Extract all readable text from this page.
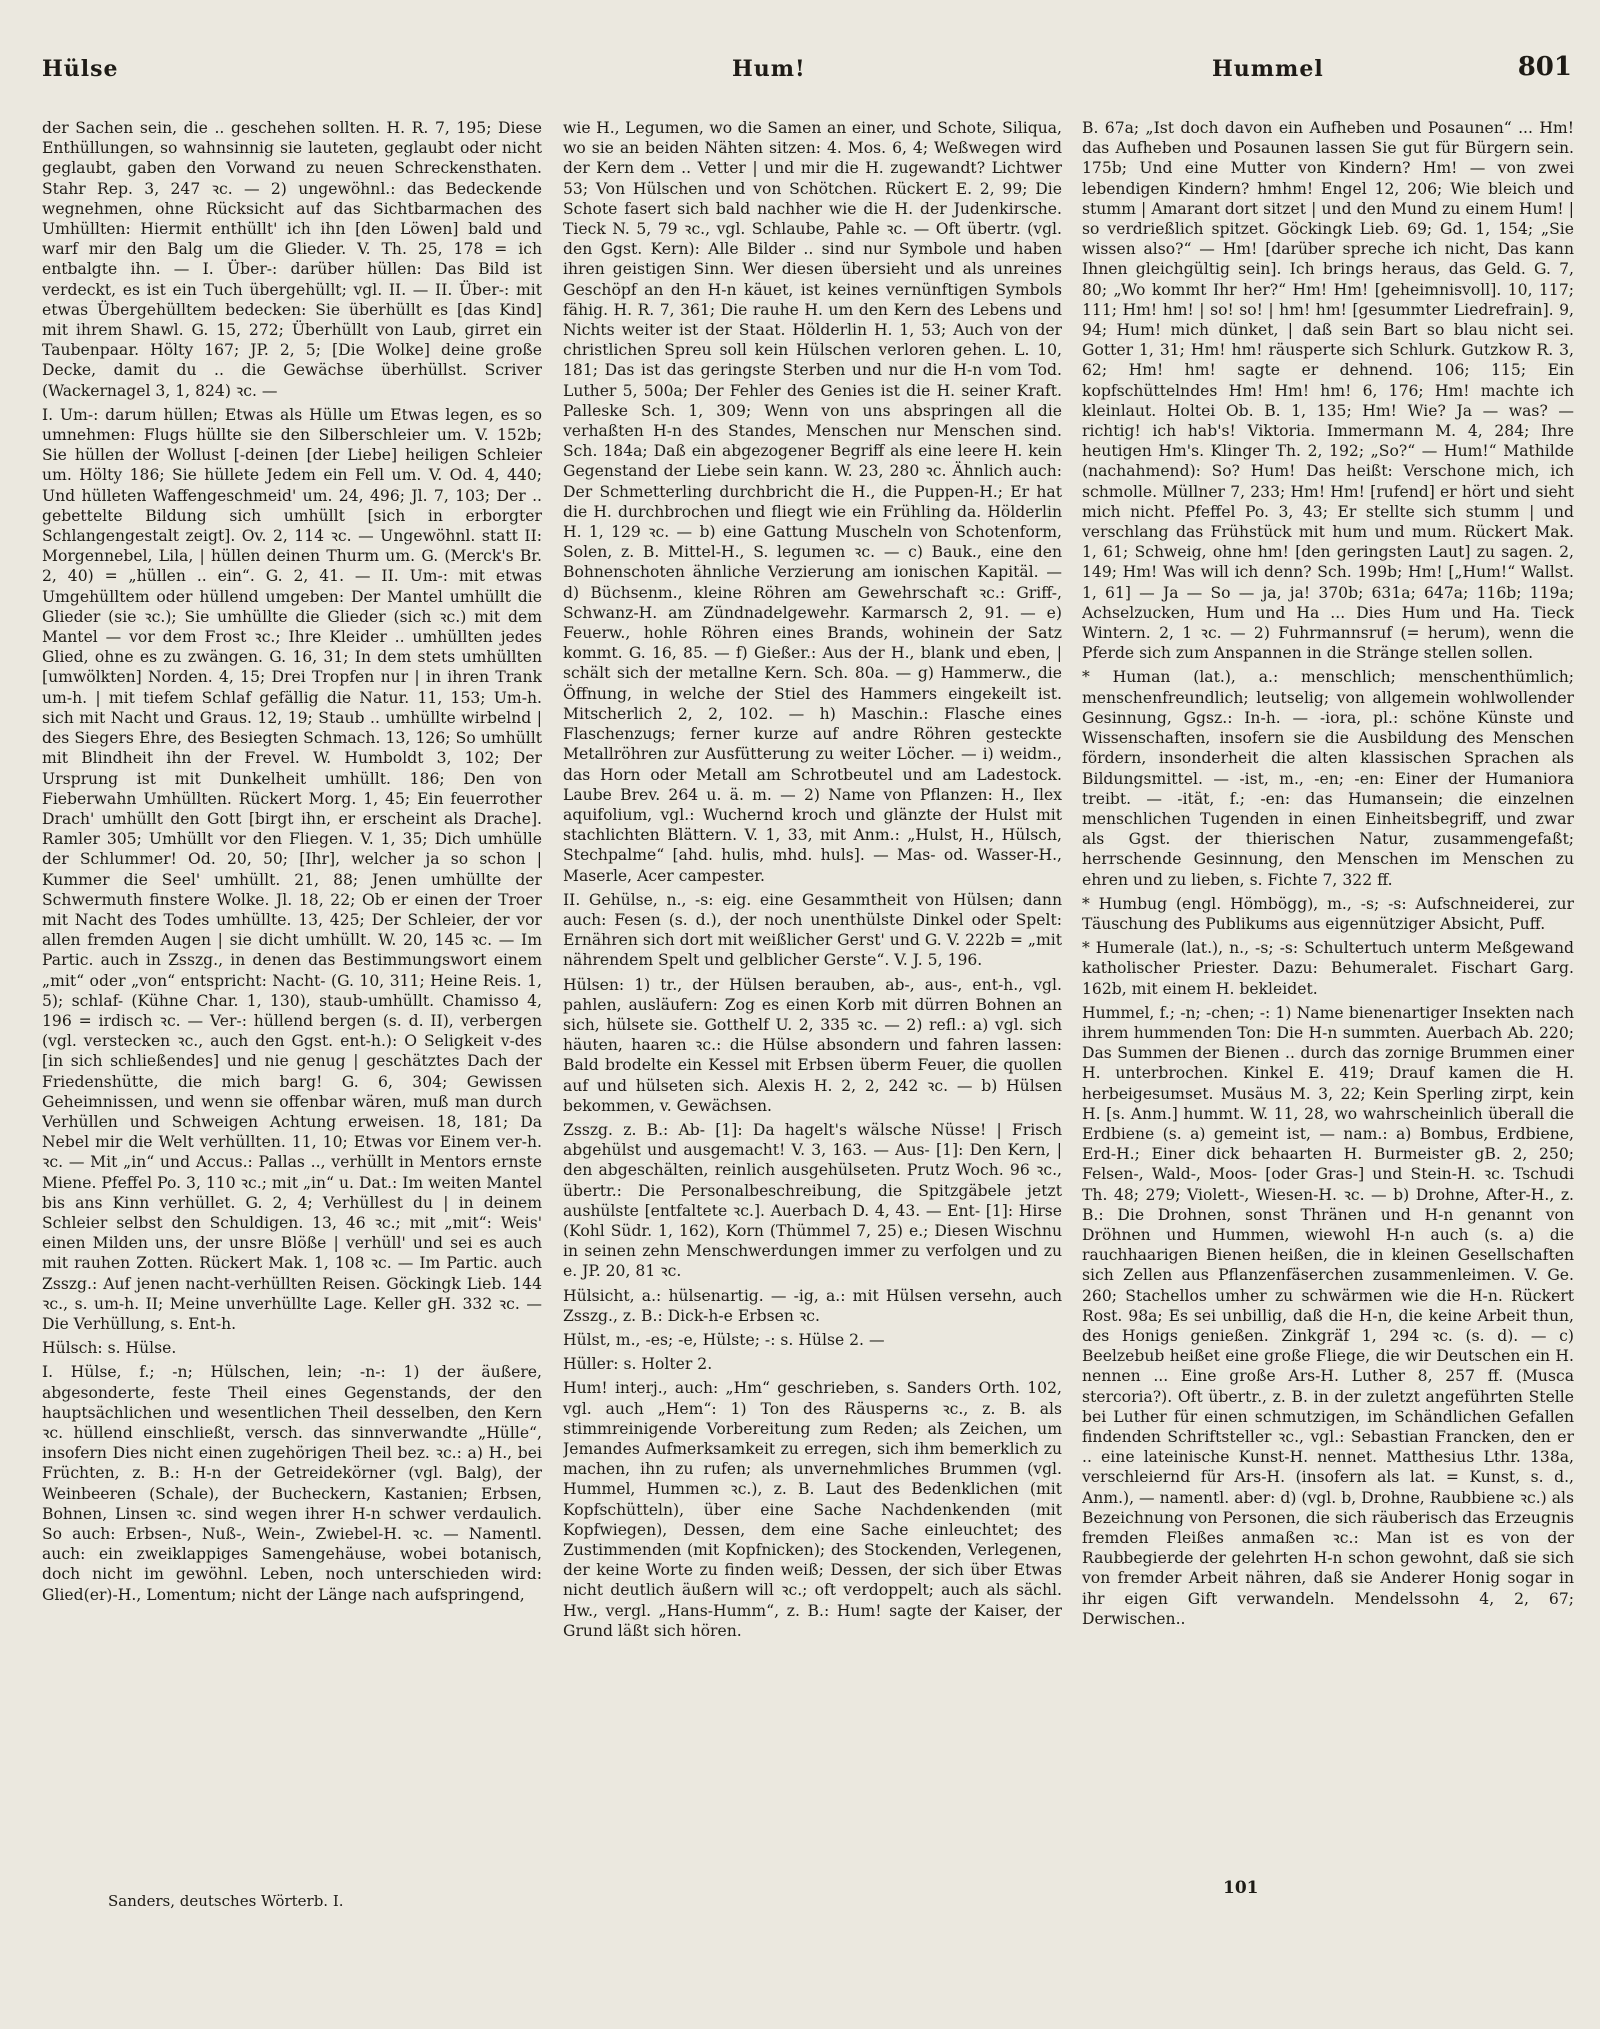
Hülse	Hum!	Hummel	801

der Sachen sein, die .. geschehen sollten. H. R. 7, 195; Diese Enthüllungen, so wahnsinnig sie lauteten, geglaubt oder nicht geglaubt, gaben den Vorwand zu neuen Schreckensthaten. Stahr Rep. 3, 247 ꝛc. — 2) ungewöhnl.: das Bedeckende wegnehmen, ohne Rücksicht auf das Sichtbarmachen des Umhüllten: Hiermit enthüllt' ich ihn [den Löwen] bald und warf mir den Balg um die Glieder. V. Th. 25, 178 = ich entbalgte ihn. — I. Über-: darüber hüllen: Das Bild ist verdeckt, es ist ein Tuch übergehüllt; vgl. II. — II. Über-: mit etwas Übergehülltem bedecken: Sie überhüllt es [das Kind] mit ihrem Shawl. G. 15, 272; Überhüllt von Laub, girret ein Taubenpaar. Hölty 167; JP. 2, 5; [Die Wolke] deine große Decke, damit du .. die Gewächse überhüllst. Scriver (Wackernagel 3, 1, 824) ꝛc. —

I. Um-: darum hüllen; Etwas als Hülle um Etwas legen, es so umnehmen: Flugs hüllte sie den Silberschleier um. V. 152b; Sie hüllen der Wollust [-deinen [der Liebe] heiligen Schleier um. Hölty 186; Sie hüllete Jedem ein Fell um. V. Od. 4, 440; Und hülleten Waffengeschmeid' um. 24, 496; Jl. 7, 103; Der .. gebettelte Bildung sich umhüllt [sich in erborgter Schlangengestalt zeigt]. Ov. 2, 114 ꝛc. — Ungewöhnl. statt II: Morgennebel, Lila, | hüllen deinen Thurm um. G. (Merck's Br. 2, 40) = „hüllen .. ein“. G. 2, 41. — II. Um-: mit etwas Umgehülltem oder hüllend umgeben: Der Mantel umhüllt die Glieder (sie ꝛc.); Sie umhüllte die Glieder (sich ꝛc.) mit dem Mantel — vor dem Frost ꝛc.; Ihre Kleider .. umhüllten jedes Glied, ohne es zu zwängen. G. 16, 31; In dem stets umhüllten [umwölkten] Norden. 4, 15; Drei Tropfen nur | in ihren Trank um-h. | mit tiefem Schlaf gefällig die Natur. 11, 153; Um-h. sich mit Nacht und Graus. 12, 19; Staub .. umhüllte wirbelnd | des Siegers Ehre, des Besiegten Schmach. 13, 126; So umhüllt mit Blindheit ihn der Frevel. W. Humboldt 3, 102; Der Ursprung ist mit Dunkelheit umhüllt. 186; Den von Fieberwahn Umhüllten. Rückert Morg. 1, 45; Ein feuerrother Drach' umhüllt den Gott [birgt ihn, er erscheint als Drache]. Ramler 305; Umhüllt vor den Fliegen. V. 1, 35; Dich umhülle der Schlummer! Od. 20, 50; [Ihr], welcher ja so schon | Kummer die Seel' umhüllt. 21, 88; Jenen umhüllte der Schwermuth finstere Wolke. Jl. 18, 22; Ob er einen der Troer mit Nacht des Todes umhüllte. 13, 425; Der Schleier, der vor allen fremden Augen | sie dicht umhüllt. W. 20, 145 ꝛc. — Im Partic. auch in Zsszg., in denen das Bestimmungswort einem „mit“ oder „von“ entspricht: Nacht- (G. 10, 311; Heine Reis. 1, 5); schlaf- (Kühne Char. 1, 130), staub-umhüllt. Chamisso 4, 196 = irdisch ꝛc. — Ver-: hüllend bergen (s. d. II), verbergen (vgl. verstecken ꝛc., auch den Ggst. ent-h.): O Seligkeit v-des [in sich schließendes] und nie genug | geschätztes Dach der Friedenshütte, die mich barg! G. 6, 304; Gewissen Geheimnissen, und wenn sie offenbar wären, muß man durch Verhüllen und Schweigen Achtung erweisen. 18, 181; Da Nebel mir die Welt verhüllten. 11, 10; Etwas vor Einem ver-h. ꝛc. — Mit „in“ und Accus.: Pallas .., verhüllt in Mentors ernste Miene. Pfeffel Po. 3, 110 ꝛc.; mit „in“ u. Dat.: Im weiten Mantel bis ans Kinn verhüllet. G. 2, 4; Verhüllest du | in deinem Schleier selbst den Schuldigen. 13, 46 ꝛc.; mit „mit“: Weis' einen Milden uns, der unsre Blöße | verhüll' und sei es auch mit rauhen Zotten. Rückert Mak. 1, 108 ꝛc. — Im Partic. auch Zsszg.: Auf jenen nacht-verhüllten Reisen. Göckingk Lieb. 144 ꝛc., s. um-h. II; Meine unverhüllte Lage. Keller gH. 332 ꝛc. — Die Verhüllung, s. Ent-h.

Hülsch: s. Hülse.

I. Hülse, f.; -n; Hülschen, lein; -n-: 1) der äußere, abgesonderte, feste Theil eines Gegenstands, der den hauptsächlichen und wesentlichen Theil desselben, den Kern ꝛc. hüllend einschließt, versch. das sinnverwandte „Hülle“, insofern Dies nicht einen zugehörigen Theil bez. ꝛc.: a) H., bei Früchten, z. B.: H-n der Getreidekörner (vgl. Balg), der Weinbeeren (Schale), der Bucheckern, Kastanien; Erbsen, Bohnen, Linsen ꝛc. sind wegen ihrer H-n schwer verdaulich. So auch: Erbsen-, Nuß-, Wein-, Zwiebel-H. ꝛc. — Namentl. auch: ein zweiklappiges Samengehäuse, wobei botanisch, doch nicht im gewöhnl. Leben, noch unterschieden wird: Glied(er)-H., Lomentum; nicht der Länge nach aufspringend,

wie H., Legumen, wo die Samen an einer, und Schote, Siliqua, wo sie an beiden Nähten sitzen: 4. Mos. 6, 4; Weßwegen wird der Kern dem .. Vetter | und mir die H. zugewandt? Lichtwer 53; Von Hülschen und von Schötchen. Rückert E. 2, 99; Die Schote fasert sich bald nachher wie die H. der Judenkirsche. Tieck N. 5, 79 ꝛc., vgl. Schlaube, Pahle ꝛc. — Oft übertr. (vgl. den Ggst. Kern): Alle Bilder .. sind nur Symbole und haben ihren geistigen Sinn. Wer diesen übersieht und als unreines Geschöpf an den H-n käuet, ist keines vernünftigen Symbols fähig. H. R. 7, 361; Die rauhe H. um den Kern des Lebens und Nichts weiter ist der Staat. Hölderlin H. 1, 53; Auch von der christlichen Spreu soll kein Hülschen verloren gehen. L. 10, 181; Das ist das geringste Sterben und nur die H-n vom Tod. Luther 5, 500a; Der Fehler des Genies ist die H. seiner Kraft. Palleske Sch. 1, 309; Wenn von uns abspringen all die verhaßten H-n des Standes, Menschen nur Menschen sind. Sch. 184a; Daß ein abgezogener Begriff als eine leere H. kein Gegenstand der Liebe sein kann. W. 23, 280 ꝛc. Ähnlich auch: Der Schmetterling durchbricht die H., die Puppen-H.; Er hat die H. durchbrochen und fliegt wie ein Frühling da. Hölderlin H. 1, 129 ꝛc. — b) eine Gattung Muscheln von Schotenform, Solen, z. B. Mittel-H., S. legumen ꝛc. — c) Bauk., eine den Bohnenschoten ähnliche Verzierung am ionischen Kapitäl. — d) Büchsenm., kleine Röhren am Gewehrschaft ꝛc.: Griff-, Schwanz-H. am Zündnadelgewehr. Karmarsch 2, 91. — e) Feuerw., hohle Röhren eines Brands, wohinein der Satz kommt. G. 16, 85. — f) Gießer.: Aus der H., blank und eben, | schält sich der metallne Kern. Sch. 80a. — g) Hammerw., die Öffnung, in welche der Stiel des Hammers eingekeilt ist. Mitscherlich 2, 2, 102. — h) Maschin.: Flasche eines Flaschenzugs; ferner kurze auf andre Röhren gesteckte Metallröhren zur Ausfütterung zu weiter Löcher. — i) weidm., das Horn oder Metall am Schrotbeutel und am Ladestock. Laube Brev. 264 u. ä. m. — 2) Name von Pflanzen: H., Ilex aquifolium, vgl.: Wuchernd kroch und glänzte der Hulst mit stachlichten Blättern. V. 1, 33, mit Anm.: „Hulst, H., Hülsch, Stechpalme“ [ahd. hulis, mhd. huls]. — Mas- od. Wasser-H., Maserle, Acer campester.

II. Gehülse, n., -s: eig. eine Gesammtheit von Hülsen; dann auch: Fesen (s. d.), der noch unenthülste Dinkel oder Spelt: Ernähren sich dort mit weißlicher Gerst' und G. V. 222b = „mit nährendem Spelt und gelblicher Gerste“. V. J. 5, 196.

Hülsen: 1) tr., der Hülsen berauben, ab-, aus-, ent-h., vgl. pahlen, ausläufern: Zog es einen Korb mit dürren Bohnen an sich, hülsete sie. Gotthelf U. 2, 335 ꝛc. — 2) refl.: a) vgl. sich häuten, haaren ꝛc.: die Hülse absondern und fahren lassen: Bald brodelte ein Kessel mit Erbsen überm Feuer, die quollen auf und hülseten sich. Alexis H. 2, 2, 242 ꝛc. — b) Hülsen bekommen, v. Gewächsen.

Zsszg. z. B.: Ab- [1]: Da hagelt's wälsche Nüsse! | Frisch abgehülst und ausgemacht! V. 3, 163. — Aus- [1]: Den Kern, | den abgeschälten, reinlich ausgehülseten. Prutz Woch. 96 ꝛc., übertr.: Die Personalbeschreibung, die Spitzgäbele jetzt aushülste [entfaltete ꝛc.]. Auerbach D. 4, 43. — Ent- [1]: Hirse (Kohl Südr. 1, 162), Korn (Thümmel 7, 25) e.; Diesen Wischnu in seinen zehn Menschwerdungen immer zu verfolgen und zu e. JP. 20, 81 ꝛc.

Hülsicht, a.: hülsenartig. — -ig, a.: mit Hülsen versehn, auch Zsszg., z. B.: Dick-h-e Erbsen ꝛc.

Hülst, m., -es; -e, Hülste; -: s. Hülse 2. —

Hüller: s. Holter 2.

Hum! interj., auch: „Hm“ geschrieben, s. Sanders Orth. 102, vgl. auch „Hem“: 1) Ton des Räusperns ꝛc., z. B. als stimmreinigende Vorbereitung zum Reden; als Zeichen, um Jemandes Aufmerksamkeit zu erregen, sich ihm bemerklich zu machen, ihn zu rufen; als unvernehmliches Brummen (vgl. Hummel, Hummen ꝛc.), z. B. Laut des Bedenklichen (mit Kopfschütteln), über eine Sache Nachdenkenden (mit Kopfwiegen), Dessen, dem eine Sache einleuchtet; des Zustimmenden (mit Kopfnicken); des Stockenden, Verlegenen, der keine Worte zu finden weiß; Dessen, der sich über Etwas nicht deutlich äußern will ꝛc.; oft verdoppelt; auch als sächl. Hw., vergl. „Hans-Humm“, z. B.: Hum! sagte der Kaiser, der Grund läßt sich hören.

B. 67a; „Ist doch davon ein Aufheben und Posaunen“ ... Hm! das Aufheben und Posaunen lassen Sie gut für Bürgern sein. 175b; Und eine Mutter von Kindern? Hm! — von zwei lebendigen Kindern? hmhm! Engel 12, 206; Wie bleich und stumm | Amarant dort sitzet | und den Mund zu einem Hum! | so verdrießlich spitzet. Göckingk Lieb. 69; Gd. 1, 154; „Sie wissen also?“ — Hm! [darüber spreche ich nicht, Das kann Ihnen gleichgültig sein]. Ich brings heraus, das Geld. G. 7, 80; „Wo kommt Ihr her?“ Hm! Hm! [geheimnisvoll]. 10, 117; 111; Hm! hm! | so! so! | hm! hm! [gesummter Liedrefrain]. 9, 94; Hum! mich dünket, | daß sein Bart so blau nicht sei. Gotter 1, 31; Hm! hm! räusperte sich Schlurk. Gutzkow R. 3, 62; Hm! hm! sagte er dehnend. 106; 115; Ein kopfschüttelndes Hm! Hm! hm! 6, 176; Hm! machte ich kleinlaut. Holtei Ob. B. 1, 135; Hm! Wie? Ja — was? — richtig! ich hab's! Viktoria. Immermann M. 4, 284; Ihre heutigen Hm's. Klinger Th. 2, 192; „So?“ — Hum!“ Mathilde (nachahmend): So? Hum! Das heißt: Verschone mich, ich schmolle. Müllner 7, 233; Hm! Hm! [rufend] er hört und sieht mich nicht. Pfeffel Po. 3, 43; Er stellte sich stumm | und verschlang das Frühstück mit hum und mum. Rückert Mak. 1, 61; Schweig, ohne hm! [den geringsten Laut] zu sagen. 2, 149; Hm! Was will ich denn? Sch. 199b; Hm! [„Hum!“ Wallst. 1, 61] — Ja — So — ja, ja! 370b; 631a; 647a; 116b; 119a; Achselzucken, Hum und Ha ... Dies Hum und Ha. Tieck Wintern. 2, 1 ꝛc. — 2) Fuhrmannsruf (= herum), wenn die Pferde sich zum Anspannen in die Stränge stellen sollen.

* Human (lat.), a.: menschlich; menschenthümlich; menschenfreundlich; leutselig; von allgemein wohlwollender Gesinnung, Ggsz.: In-h. — -iora, pl.: schöne Künste und Wissenschaften, insofern sie die Ausbildung des Menschen fördern, insonderheit die alten klassischen Sprachen als Bildungsmittel. — -ist, m., -en; -en: Einer der Humaniora treibt. — -ität, f.; -en: das Humansein; die einzelnen menschlichen Tugenden in einen Einheitsbegriff, und zwar als Ggst. der thierischen Natur, zusammengefaßt; herrschende Gesinnung, den Menschen im Menschen zu ehren und zu lieben, s. Fichte 7, 322 ff.

* Humbug (engl. Hömbögg), m., -s; -s: Aufschneiderei, zur Täuschung des Publikums aus eigennütziger Absicht, Puff.

* Humerale (lat.), n., -s; -s: Schultertuch unterm Meßgewand katholischer Priester. Dazu: Behumeralet. Fischart Garg. 162b, mit einem H. bekleidet.

Hummel, f.; -n; -chen; -: 1) Name bienenartiger Insekten nach ihrem hummenden Ton: Die H-n summten. Auerbach Ab. 220; Das Summen der Bienen .. durch das zornige Brummen einer H. unterbrochen. Kinkel E. 419; Drauf kamen die H. herbeigesumset. Musäus M. 3, 22; Kein Sperling zirpt, kein H. [s. Anm.] hummt. W. 11, 28, wo wahrscheinlich überall die Erdbiene (s. a) gemeint ist, — nam.: a) Bombus, Erdbiene, Erd-H.; Einer dick behaarten H. Burmeister gB. 2, 250; Felsen-, Wald-, Moos- [oder Gras-] und Stein-H. ꝛc. Tschudi Th. 48; 279; Violett-, Wiesen-H. ꝛc. — b) Drohne, After-H., z. B.: Die Drohnen, sonst Thränen und H-n genannt von Dröhnen und Hummen, wiewohl H-n auch (s. a) die rauchhaarigen Bienen heißen, die in kleinen Gesellschaften sich Zellen aus Pflanzenfäserchen zusammenleimen. V. Ge. 260; Stachellos umher zu schwärmen wie die H-n. Rückert Rost. 98a; Es sei unbillig, daß die H-n, die keine Arbeit thun, des Honigs genießen. Zinkgräf 1, 294 ꝛc. (s. d). — c) Beelzebub heißet eine große Fliege, die wir Deutschen ein H. nennen ... Eine große Ars-H. Luther 8, 257 ff. (Musca stercoria?). Oft übertr., z. B. in der zuletzt angeführten Stelle bei Luther für einen schmutzigen, im Schändlichen Gefallen findenden Schriftsteller ꝛc., vgl.: Sebastian Francken, den er .. eine lateinische Kunst-H. nennet. Matthesius Lthr. 138a, verschleiernd für Ars-H. (insofern als lat. = Kunst, s. d., Anm.), — namentl. aber: d) (vgl. b, Drohne, Raubbiene ꝛc.) als Bezeichnung von Personen, die sich räuberisch das Erzeugnis fremden Fleißes anmaßen ꝛc.: Man ist es von der Raubbegierde der gelehrten H-n schon gewohnt, daß sie sich von fremder Arbeit nähren, daß sie Anderer Honig sogar in ihr eigen Gift verwandeln. Mendelssohn 4, 2, 67; Derwischen..

Sanders, deutsches Wörterb. I.
101
